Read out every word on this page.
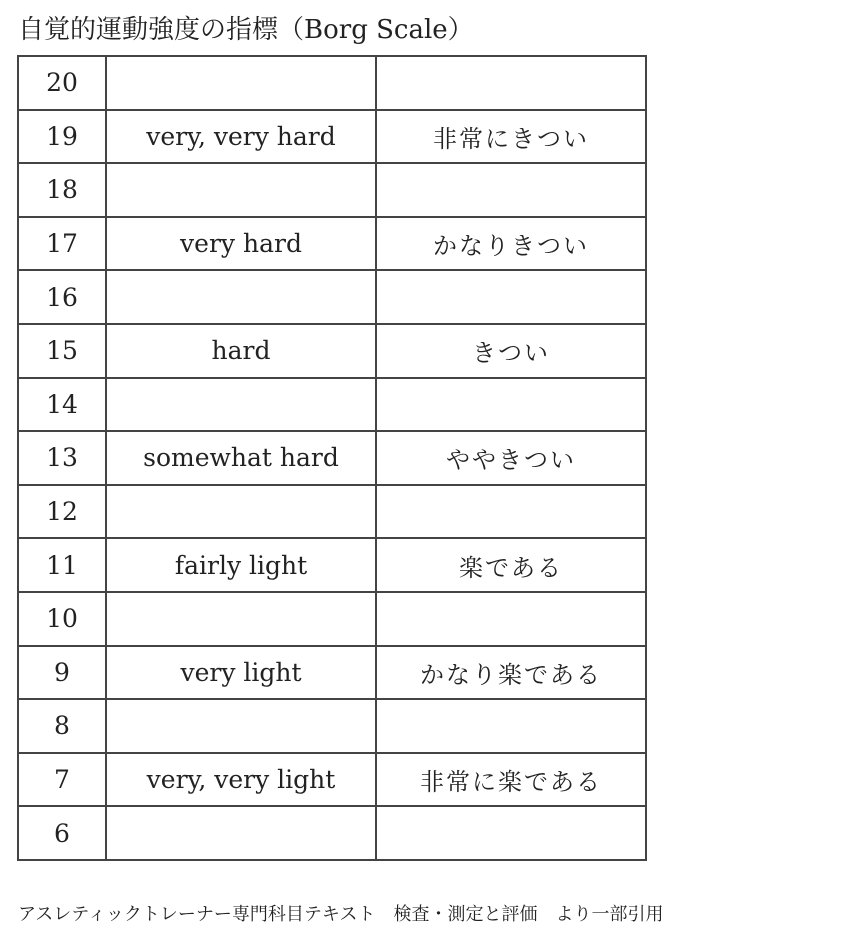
自覚的運動強度の指標（Borg Scale）
20		
19	very, very hard	非常にきつい
18		
17	very hard	かなりきつい
16		
15	hard	きつい
14		
13	somewhat hard	ややきつい
12		
11	fairly light	楽である
10		
9	very light	かなり楽である
8		
7	very, very light	非常に楽である
6		
アスレティックトレーナー専門科目テキスト　検査・測定と評価　より一部引用
